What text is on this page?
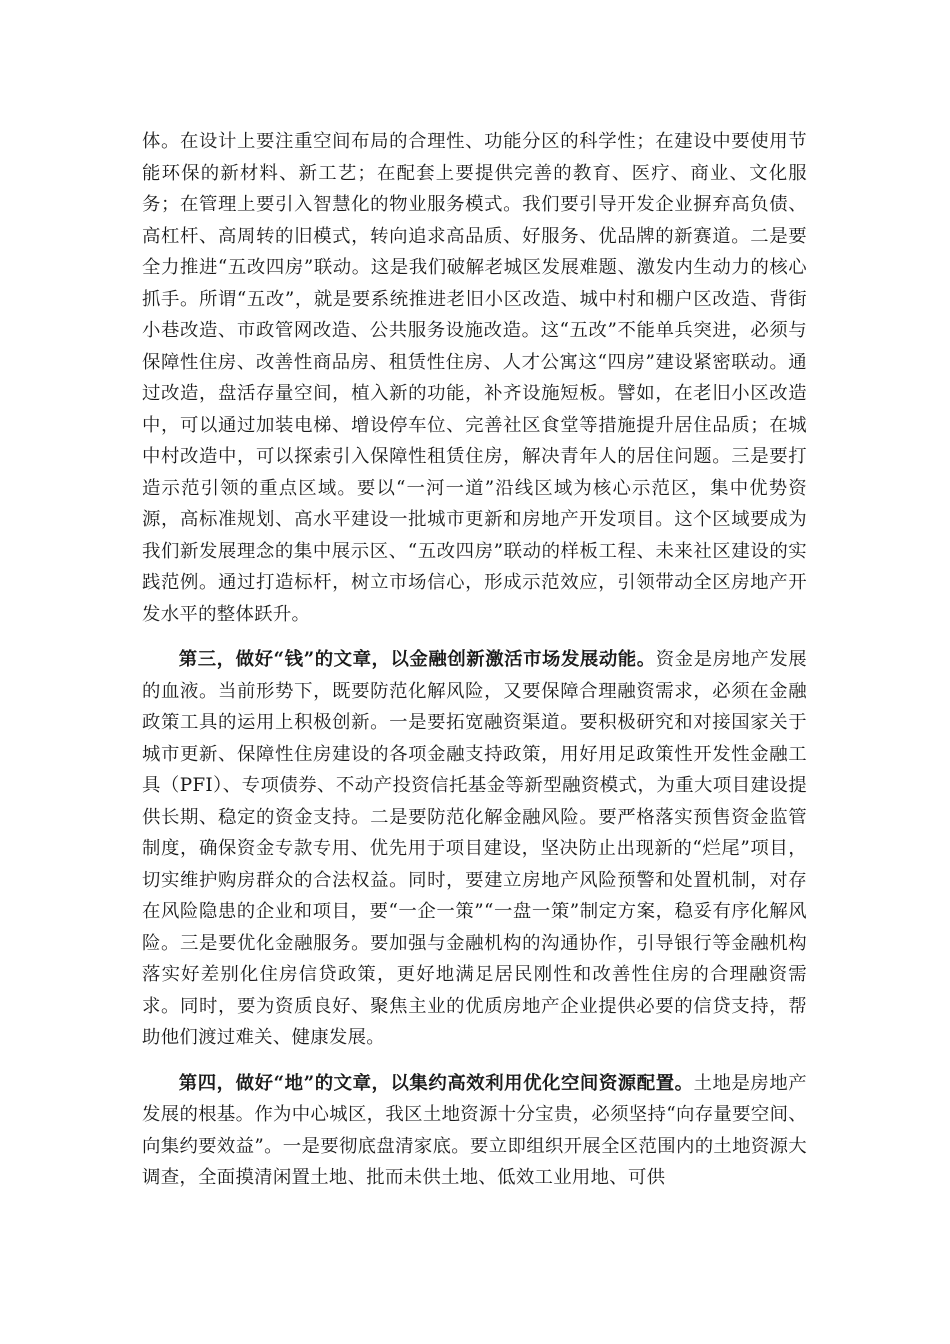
体。在设计上要注重空间布局的合理性、功能分区的科学性；在建设中要使用节能环保的新材料、新工艺；在配套上要提供完善的教育、医疗、商业、文化服务；在管理上要引入智慧化的物业服务模式。我们要引导开发企业摒弃高负债、高杠杆、高周转的旧模式，转向追求高品质、好服务、优品牌的新赛道。二是要全力推进“五改四房”联动。这是我们破解老城区发展难题、激发内生动力的核心抓手。所谓“五改”，就是要系统推进老旧小区改造、城中村和棚户区改造、背街小巷改造、市政管网改造、公共服务设施改造。这“五改”不能单兵突进，必须与保障性住房、改善性商品房、租赁性住房、人才公寓这“四房”建设紧密联动。通过改造，盘活存量空间，植入新的功能，补齐设施短板。譬如，在老旧小区改造中，可以通过加装电梯、增设停车位、完善社区食堂等措施提升居住品质；在城中村改造中，可以探索引入保障性租赁住房，解决青年人的居住问题。三是要打造示范引领的重点区域。要以“一河一道”沿线区域为核心示范区，集中优势资源，高标准规划、高水平建设一批城市更新和房地产开发项目。这个区域要成为我们新发展理念的集中展示区、“五改四房”联动的样板工程、未来社区建设的实践范例。通过打造标杆，树立市场信心，形成示范效应，引领带动全区房地产开发水平的整体跃升。

第三，做好“钱”的文章，以金融创新激活市场发展动能。资金是房地产发展的血液。当前形势下，既要防范化解风险，又要保障合理融资需求，必须在金融政策工具的运用上积极创新。一是要拓宽融资渠道。要积极研究和对接国家关于城市更新、保障性住房建设的各项金融支持政策，用好用足政策性开发性金融工具（PFI）、专项债券、不动产投资信托基金等新型融资模式，为重大项目建设提供长期、稳定的资金支持。二是要防范化解金融风险。要严格落实预售资金监管制度，确保资金专款专用、优先用于项目建设，坚决防止出现新的“烂尾”项目，切实维护购房群众的合法权益。同时，要建立房地产风险预警和处置机制，对存在风险隐患的企业和项目，要“一企一策”“一盘一策”制定方案，稳妥有序化解风险。三是要优化金融服务。要加强与金融机构的沟通协作，引导银行等金融机构落实好差别化住房信贷政策，更好地满足居民刚性和改善性住房的合理融资需求。同时，要为资质良好、聚焦主业的优质房地产企业提供必要的信贷支持，帮助他们渡过难关、健康发展。

第四，做好“地”的文章，以集约高效利用优化空间资源配置。土地是房地产发展的根基。作为中心城区，我区土地资源十分宝贵，必须坚持“向存量要空间、向集约要效益”。一是要彻底盘清家底。要立即组织开展全区范围内的土地资源大调查，全面摸清闲置土地、批而未供土地、低效工业用地、可供
